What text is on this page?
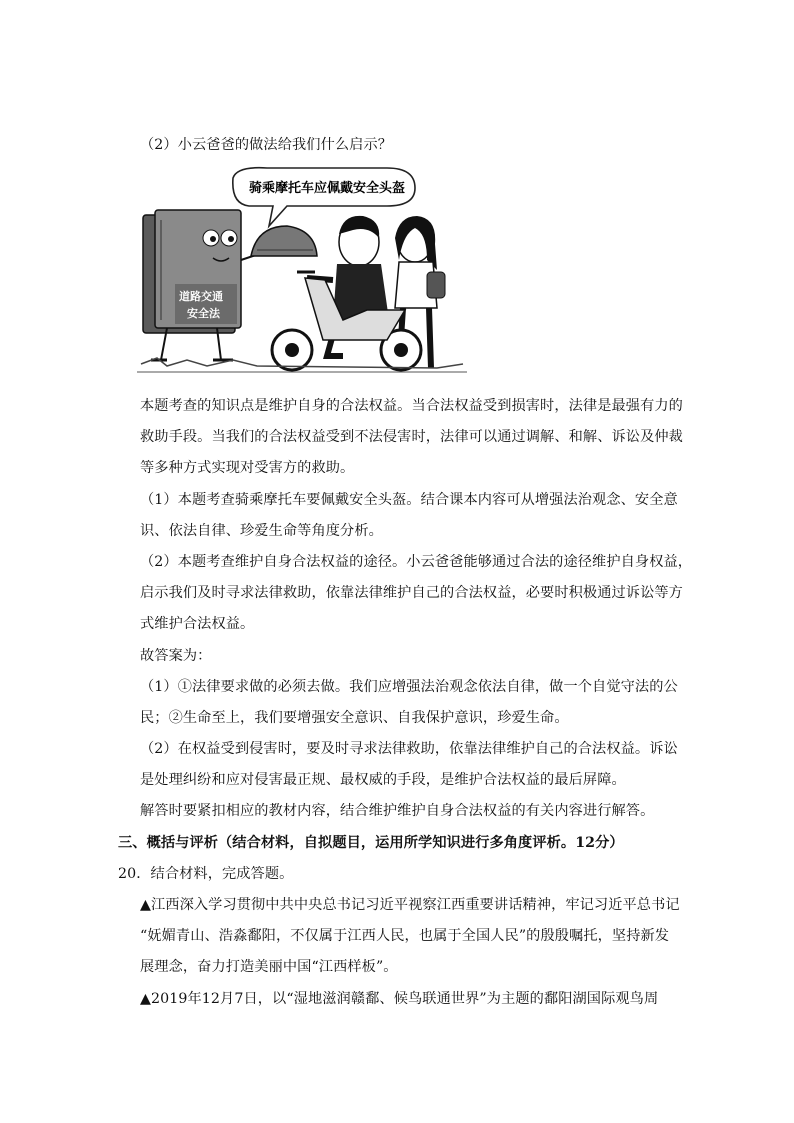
（2）小云爸爸的做法给我们什么启示？
骑乘摩托车应佩戴安全头盔
道路交通
安全法
本题考查的知识点是维护自身的合法权益。当合法权益受到损害时，法律是最强有力的
救助手段。当我们的合法权益受到不法侵害时，法律可以通过调解、和解、诉讼及仲裁
等多种方式实现对受害方的救助。
（1）本题考查骑乘摩托车要佩戴安全头盔。结合课本内容可从增强法治观念、安全意
识、依法自律、珍爱生命等角度分析。
（2）本题考查维护自身合法权益的途径。小云爸爸能够通过合法的途径维护自身权益，
启示我们及时寻求法律救助，依靠法律维护自己的合法权益，必要时积极通过诉讼等方
式维护合法权益。
故答案为：
（1）①法律要求做的必须去做。我们应增强法治观念依法自律，做一个自觉守法的公
民；②生命至上，我们要增强安全意识、自我保护意识，珍爱生命。
（2）在权益受到侵害时，要及时寻求法律救助，依靠法律维护自己的合法权益。诉讼
是处理纠纷和应对侵害最正规、最权威的手段，是维护合法权益的最后屏障。
解答时要紧扣相应的教材内容，结合维护维护自身合法权益的有关内容进行解答。
三、概括与评析（结合材料，自拟题目，运用所学知识进行多角度评析。12分）
20．结合材料，完成答题。
▲江西深入学习贯彻中共中央总书记习近平视察江西重要讲话精神，牢记习近平总书记
“妩媚青山、浩淼鄱阳，不仅属于江西人民，也属于全国人民”的殷殷嘱托，坚持新发
展理念，奋力打造美丽中国“江西样板”。
▲2019年12月7日，以“湿地滋润赣鄱、候鸟联通世界”为主题的鄱阳湖国际观鸟周
